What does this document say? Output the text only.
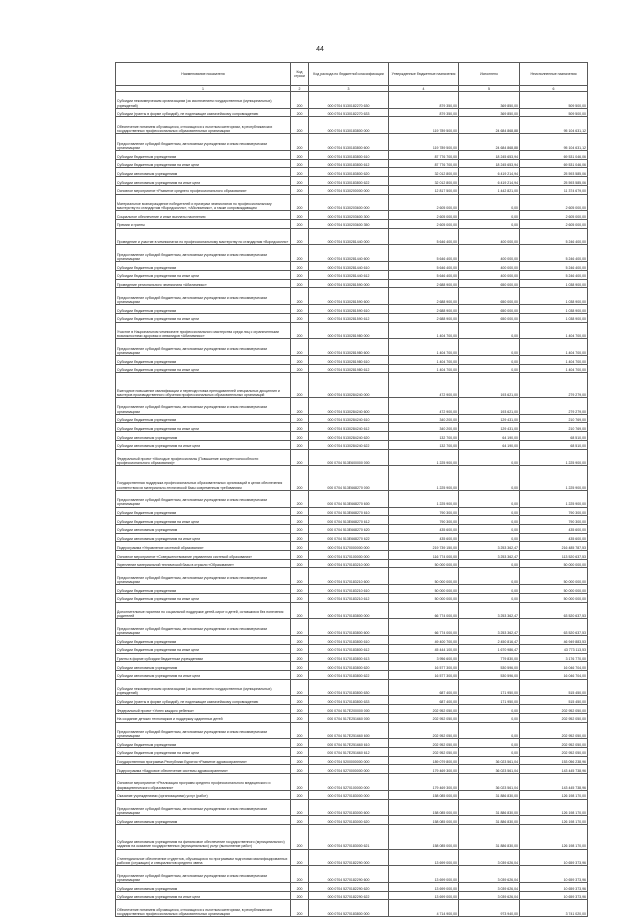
44
Наименование показателя	Код строки	Код расхода по бюджетной классификации	Утвержденные бюджетные назначения	Исполнено	Неисполненные назначения
1	2	3	4	5	6
Субсидии некоммерческим организациям (за исключением государственных (муниципальных) учреждений)	200	000 0704 5130182270 630	879 350,00	369 850,00	509 500,00
Субсидии (гранты в форме субсидий), не подлежащие казначейскому сопровождению	200	000 0704 5130182270 633	879 350,00	369 850,00	509 500,00
Обеспечение питанием обучающихся, относящихся к льготным категориям, в республиканских государственных профессиональных образовательных организациях	200	000 0704 5130183800 000	119 789 500,00	24 684 868,88	95 104 631,12
Предоставление субсидий бюджетным, автономным учреждениям и иным некоммерческим организациям	200	000 0704 5130183800 600	119 789 500,00	24 684 868,88	95 104 631,12
Субсидии бюджетным учреждениям	200	000 0704 5130183800 610	87 776 700,00	18 245 653,94	69 531 046,06
Субсидии бюджетным учреждениям на иные цели	200	000 0704 5130183800 612	87 776 700,00	18 245 653,94	69 531 046,06
Субсидии автономным учреждениям	200	000 0704 5130183800 620	32 012 800,00	6 419 214,94	25 593 585,06
Субсидии автономным учреждениям на иные цели	200	000 0704 5130183800 622	32 012 800,00	6 419 214,94	25 593 585,06
Основное мероприятие «Развитие среднего профессионального образования»	200	000 0704 5130200000 000	12 817 500,00	1 442 821,00	11 374 679,00
Материальное вознаграждение победителей и призерам чемпионатов по профессиональному мастерству по стандартам «Ворлдскиллс», «Абилимпикс», а также сопровождающим	200	000 0704 5130203600 000	2 605 000,00	0,00	2 605 000,00
Социальное обеспечение и иные выплаты населению	200	000 0704 5130203600 300	2 605 000,00	0,00	2 605 000,00
Премии и гранты	200	000 0704 5130203600 350	2 605 000,00	0,00	2 605 000,00
Проведение и участие в чемпионатах по профессиональному мастерству по стандартам «Ворлдскиллс»	200	000 0704 5130281440 000	5 646 400,00	400 000,00	5 246 400,00
Предоставление субсидий бюджетным, автономным учреждениям и иным некоммерческим организациям	200	000 0704 5130281440 600	5 646 400,00	400 000,00	5 246 400,00
Субсидии бюджетным учреждениям	200	000 0704 5130281440 610	5 646 400,00	400 000,00	5 246 400,00
Субсидии бюджетным учреждениям на иные цели	200	000 0704 5130281440 612	5 646 400,00	400 000,00	5 246 400,00
Проведение регионального чемпионата «Абилимпикс»	200	000 0704 5130281590 000	2 688 900,00	650 000,00	1 038 900,00
Предоставление субсидий бюджетным, автономным учреждениям и иным некоммерческим организациям	200	000 0704 5130281590 600	2 688 900,00	650 000,00	1 038 900,00
Субсидии бюджетным учреждениям	200	000 0704 5130281590 610	2 688 900,00	650 000,00	1 038 900,00
Субсидии бюджетным учреждениям на иные цели	200	000 0704 5130281590 612	2 688 900,00	650 000,00	1 038 900,00
Участие в Национальном чемпионате профессионального мастерства среди лиц с ограниченными возможностями здоровья и инвалидов «Абилимпикс»	200	000 0704 5130281980 000	1 404 700,00	0,00	1 404 700,00
Предоставление субсидий бюджетным, автономным учреждениям и иным некоммерческим организациям	200	000 0704 5130281980 600	1 404 700,00	0,00	1 404 700,00
Субсидии бюджетным учреждениям	200	000 0704 5130281980 610	1 404 700,00	0,00	1 404 700,00
Субсидии бюджетным учреждениям на иные цели	200	000 0704 5130281980 612	1 404 700,00	0,00	1 404 700,00
Ежегодное повышение квалификации и переподготовка преподавателей специальных дисциплин и мастеров производственного обучения профессиональных образовательных организаций	200	000 0704 5130284240 000	472 900,00	193 621,00	279 279,00
Предоставление субсидий бюджетным, автономным учреждениям и иным некоммерческим организациям	200	000 0704 5130284240 600	472 900,00	193 621,00	279 279,00
Субсидии бюджетным учреждениям	200	000 0704 5130284240 610	340 200,00	129 431,00	210 769,00
Субсидии бюджетным учреждениям на иные цели	200	000 0704 5130284240 612	340 200,00	129 431,00	210 769,00
Субсидии автономным учреждениям	200	000 0704 5130284240 620	132 700,00	64 190,00	68 510,00
Субсидии автономным учреждениям на иные цели	200	000 0704 5130284240 622	132 700,00	64 190,00	68 510,00
Федеральный проект «Молодые профессионалы (Повышение конкурентоспособности профессионального образования)»	200	000 0704 513E600000 000	1 225 900,00	0,00	1 225 900,00
Государственная поддержка профессиональных образовательных организаций в целях обеспечения соответствия их материально-технической базы современным требованиям	200	000 0704 513E668270 000	1 225 900,00	0,00	1 225 900,00
Предоставление субсидий бюджетным, автономным учреждениям и иным некоммерческим организациям	200	000 0704 513E668270 600	1 225 900,00	0,00	1 225 900,00
Субсидии бюджетным учреждениям	200	000 0704 513E668270 610	790 300,00	0,00	790 300,00
Субсидии бюджетным учреждениям на иные цели	200	000 0704 513E668270 612	790 300,00	0,00	790 300,00
Субсидии автономным учреждениям	200	000 0704 513E668270 620	435 600,00	0,00	435 600,00
Субсидии автономным учреждениям на иные цели	200	000 0704 513E668270 622	435 600,00	0,00	435 600,00
Подпрограмма «Управление системой образования»	200	000 0704 5170000000 000	219 739 150,00	3 253 362,47	216 485 787,53
Основное мероприятие «Совершенствование управления системой образования»	200	000 0704 5170100000 000	116 774 000,00	3 253 362,47	113 520 637,53
Укрепление материальной технической базы в отрасли «Образование»	200	000 0704 5170183210 000	50 000 000,00	0,00	50 000 000,00
Предоставление субсидий бюджетным, автономным учреждениям и иным некоммерческим организациям	200	000 0704 5170183210 600	50 000 000,00	0,00	50 000 000,00
Субсидии бюджетным учреждениям	200	000 0704 5170183210 610	50 000 000,00	0,00	50 000 000,00
Субсидии бюджетным учреждениям на иные цели	200	000 0704 5170183210 612	50 000 000,00	0,00	50 000 000,00
Дополнительные гарантии по социальной поддержке детей-сирот и детей, оставшихся без попечения родителей	200	000 0704 5170183800 000	66 774 000,00	3 253 362,47	63 520 637,53
Предоставление субсидий бюджетным, автономным учреждениям и иным некоммерческим организациям	200	000 0704 5170183800 600	66 774 000,00	3 253 362,47	63 520 637,53
Субсидии бюджетным учреждениям	200	000 0704 5170183800 610	49 400 700,00	2 450 816,47	46 949 883,53
Субсидии бюджетным учреждениям на иные цели	200	000 0704 5170183800 612	45 444 100,00	1 670 986,47	43 773 113,53
Гранты в форме субсидии бюджетным учреждениям	200	000 0704 5170183800 613	3 956 600,00	779 830,00	3 176 770,00
Субсидии автономным учреждениям	200	000 0704 5170183800 620	16 577 300,00	530 596,00	16 046 704,00
Субсидии автономным учреждениям на иные цели	200	000 0704 5170183800 622	16 577 300,00	530 596,00	16 046 704,00
Субсидии некоммерческим организациям (за исключением государственных (муниципальных) учреждений)	200	000 0704 5170183800 630	687 400,00	171 950,00	515 450,00
Субсидии (гранты в форме субсидий), не подлежащие казначейскому сопровождению	200	000 0704 5170183800 633	687 400,00	171 950,00	515 450,00
Федеральный проект «Успех каждого ребенка»	200	000 0704 517E200000 000	202 952 050,00	0,00	202 952 050,00
На создание детских технопарков и поддержку одаренных детей	200	000 0704 517E251660 000	202 952 050,00	0,00	202 952 050,00
Предоставление субсидий бюджетным, автономным учреждениям и иным некоммерческим организациям	200	000 0704 517E251660 600	202 952 050,00	0,00	202 952 050,00
Субсидии бюджетным учреждениям	200	000 0704 517E251660 610	202 952 050,00	0,00	202 952 050,00
Субсидии бюджетным учреждениям на иные цели	200	000 0704 517E251660 612	202 952 050,00	0,00	202 952 050,00
Государственная программа Республики Бурятия «Развитие здравоохранения»	200	000 0704 5200000000 000	189 079 800,00	36 023 561,04	153 056 238,96
Подпрограмма «Кадровое обеспечение системы здравоохранения»	200	000 0704 5270000000 000	179 469 300,00	36 023 561,04	143 445 738,96
Основное мероприятие «Реализация программ среднего профессионального медицинского и фармацевтического образования»	200	000 0704 5270100000 000	179 469 300,00	36 023 561,04	143 445 738,96
Оказание учреждениями (организациями) услуг (работ)	200	000 0704 5270183000 000	158 085 000,00	31 886 830,00	126 198 170,00
Предоставление субсидий бюджетным, автономным учреждениям и иным некоммерческим организациям	200	000 0704 5270183000 600	158 085 000,00	31 886 830,00	126 198 170,00
Субсидии автономным учреждениям	200	000 0704 5270183000 620	158 085 000,00	31 886 830,00	126 198 170,00
Субсидии автономным учреждениям на финансовое обеспечение государственного (муниципального) задания на оказание государственных (муниципальных) услуг (выполнение работ)	200	000 0704 5270183000 621	158 085 000,00	31 886 830,00	126 198 170,00
Стипендиальное обеспечение студентов, обучающихся по программам подготовки квалифицированных рабочих (служащих) и специалистов среднего звена	200	000 0704 5270182290 000	13 699 000,00	3 039 626,04	10 659 373,96
Предоставление субсидий бюджетным, автономным учреждениям и иным некоммерческим организациям	200	000 0704 5270182290 600	13 699 000,00	3 039 626,04	10 659 373,96
Субсидии автономным учреждениям	200	000 0704 5270182290 620	13 699 000,00	3 039 626,04	10 659 373,96
Субсидии автономным учреждениям на иные цели	200	000 0704 5270182290 622	13 699 000,00	3 039 626,04	10 659 373,96
Обеспечение питанием обучающихся, относящихся к льготным категориям, в республиканских государственных профессиональных образовательных организациях	200	000 0704 5270183800 000	4 714 900,00	973 940,00	3 741 020,00
